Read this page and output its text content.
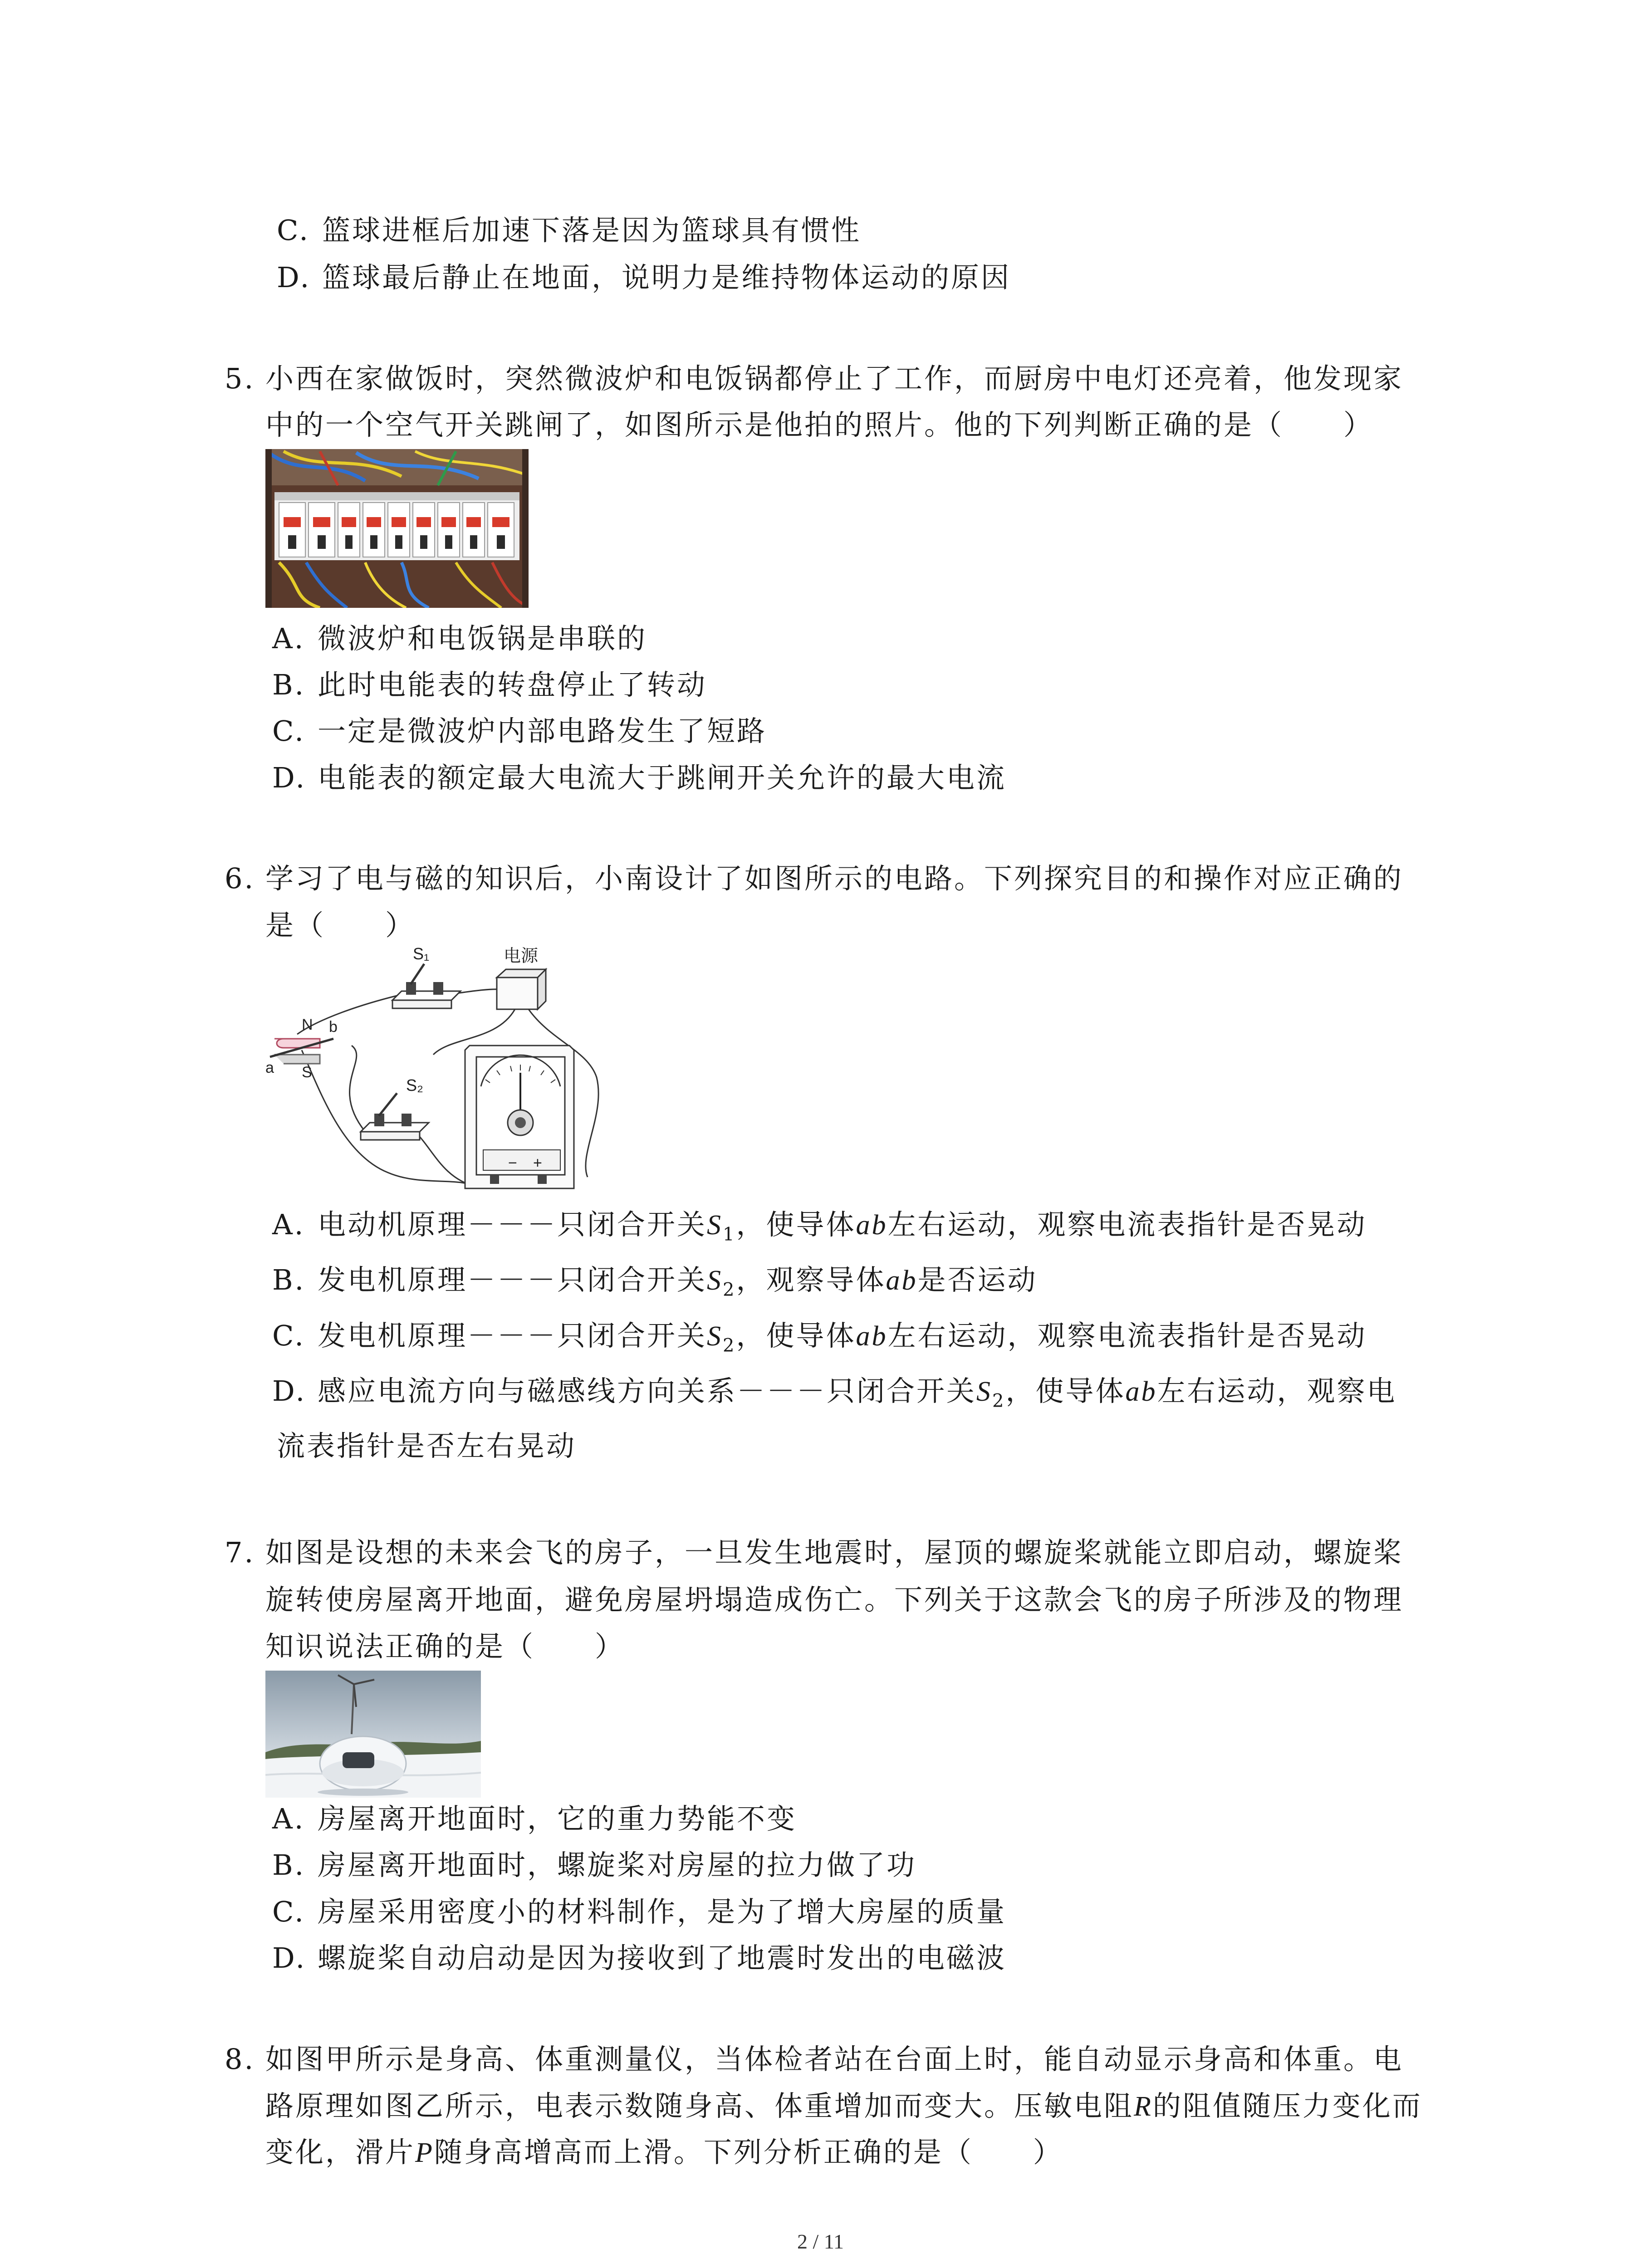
C. 篮球进框后加速下落是因为篮球具有惯性
D. 篮球最后静止在地面，说明力是维持物体运动的原因
5. 小西在家做饭时，突然微波炉和电饭锅都停止了工作，而厨房中电灯还亮着，他发现家
中的一个空气开关跳闸了，如图所示是他拍的照片。他的下列判断正确的是（　　）
A. 微波炉和电饭锅是串联的
B. 此时电能表的转盘停止了转动
C. 一定是微波炉内部电路发生了短路
D. 电能表的额定最大电流大于跳闸开关允许的最大电流
6. 学习了电与磁的知识后，小南设计了如图所示的电路。下列探究目的和操作对应正确的
是（　　）
电源
S₁
S₂
N b
a S
− +
A. 电动机原理－－－只闭合开关$S_1$，使导体ab左右运动，观察电流表指针是否晃动
B. 发电机原理－－－只闭合开关$S_2$，观察导体ab是否运动
C. 发电机原理－－－只闭合开关$S_2$，使导体ab左右运动，观察电流表指针是否晃动
D. 感应电流方向与磁感线方向关系－－－只闭合开关$S_2$，使导体ab左右运动，观察电
流表指针是否左右晃动
7. 如图是设想的未来会飞的房子，一旦发生地震时，屋顶的螺旋桨就能立即启动，螺旋桨
旋转使房屋离开地面，避免房屋坍塌造成伤亡。下列关于这款会飞的房子所涉及的物理
知识说法正确的是（　　）
A. 房屋离开地面时，它的重力势能不变
B. 房屋离开地面时，螺旋桨对房屋的拉力做了功
C. 房屋采用密度小的材料制作，是为了增大房屋的质量
D. 螺旋桨自动启动是因为接收到了地震时发出的电磁波
8. 如图甲所示是身高、体重测量仪，当体检者站在台面上时，能自动显示身高和体重。电
路原理如图乙所示，电表示数随身高、体重增加而变大。压敏电阻R的阻值随压力变化而
变化，滑片P随身高增高而上滑。下列分析正确的是（　　）
2 / 11
